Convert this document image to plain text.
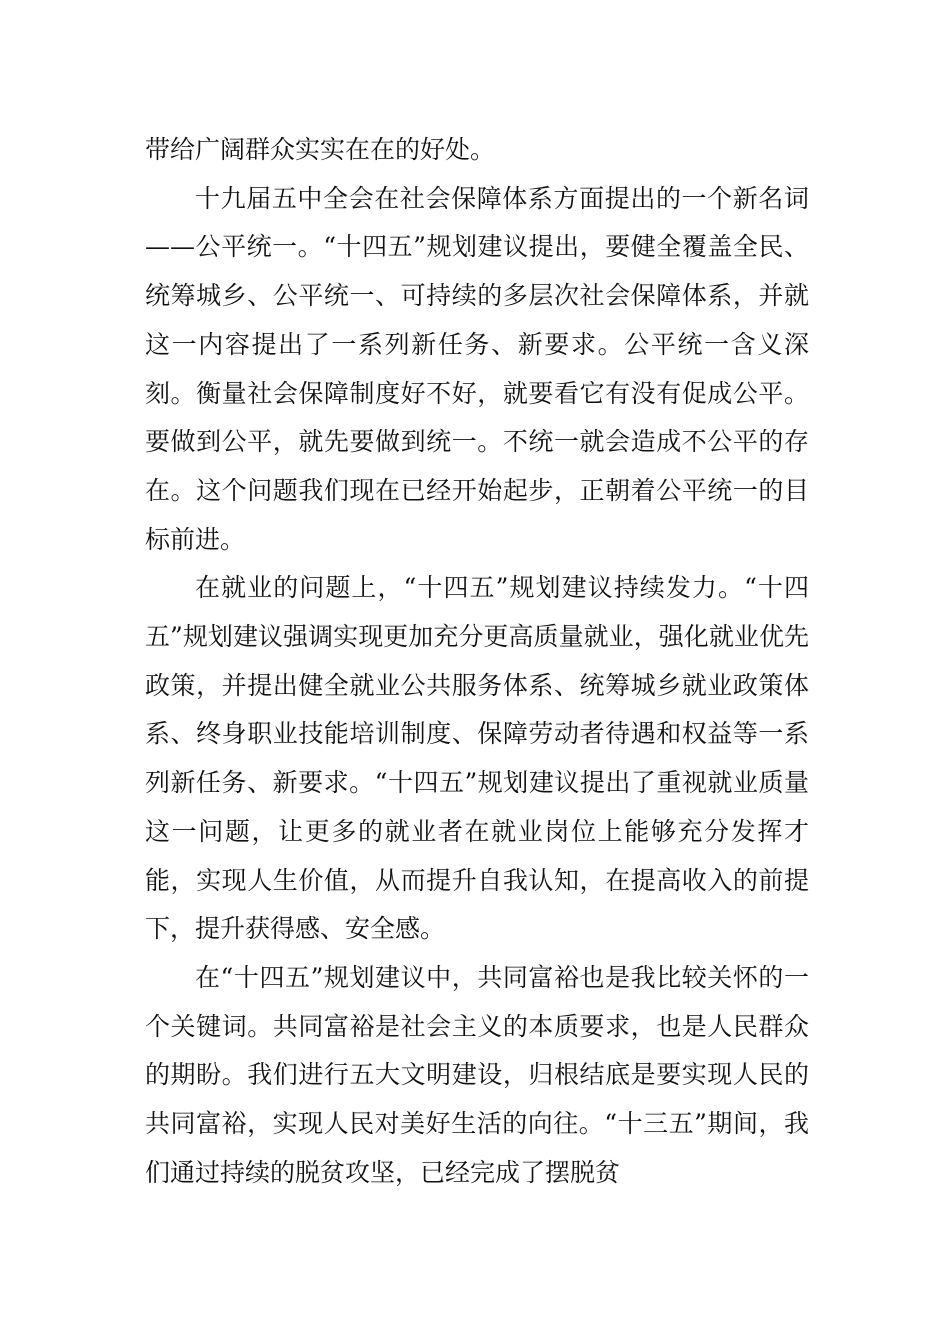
带给广阔群众实实在在的好处。

十九届五中全会在社会保障体系方面提出的一个新名词——公平统一。“十四五”规划建议提出，要健全覆盖全民、统筹城乡、公平统一、可持续的多层次社会保障体系，并就这一内容提出了一系列新任务、新要求。公平统一含义深刻。衡量社会保障制度好不好，就要看它有没有促成公平。要做到公平，就先要做到统一。不统一就会造成不公平的存在。这个问题我们现在已经开始起步，正朝着公平统一的目标前进。

在就业的问题上，“十四五”规划建议持续发力。“十四五”规划建议强调实现更加充分更高质量就业，强化就业优先政策，并提出健全就业公共服务体系、统筹城乡就业政策体系、终身职业技能培训制度、保障劳动者待遇和权益等一系列新任务、新要求。“十四五”规划建议提出了重视就业质量这一问题，让更多的就业者在就业岗位上能够充分发挥才能，实现人生价值，从而提升自我认知，在提高收入的前提下，提升获得感、安全感。

在“十四五”规划建议中，共同富裕也是我比较关怀的一个关键词。共同富裕是社会主义的本质要求，也是人民群众的期盼。我们进行五大文明建设，归根结底是要实现人民的共同富裕，实现人民对美好生活的向往。“十三五”期间，我们通过持续的脱贫攻坚，已经完成了摆脱贫
